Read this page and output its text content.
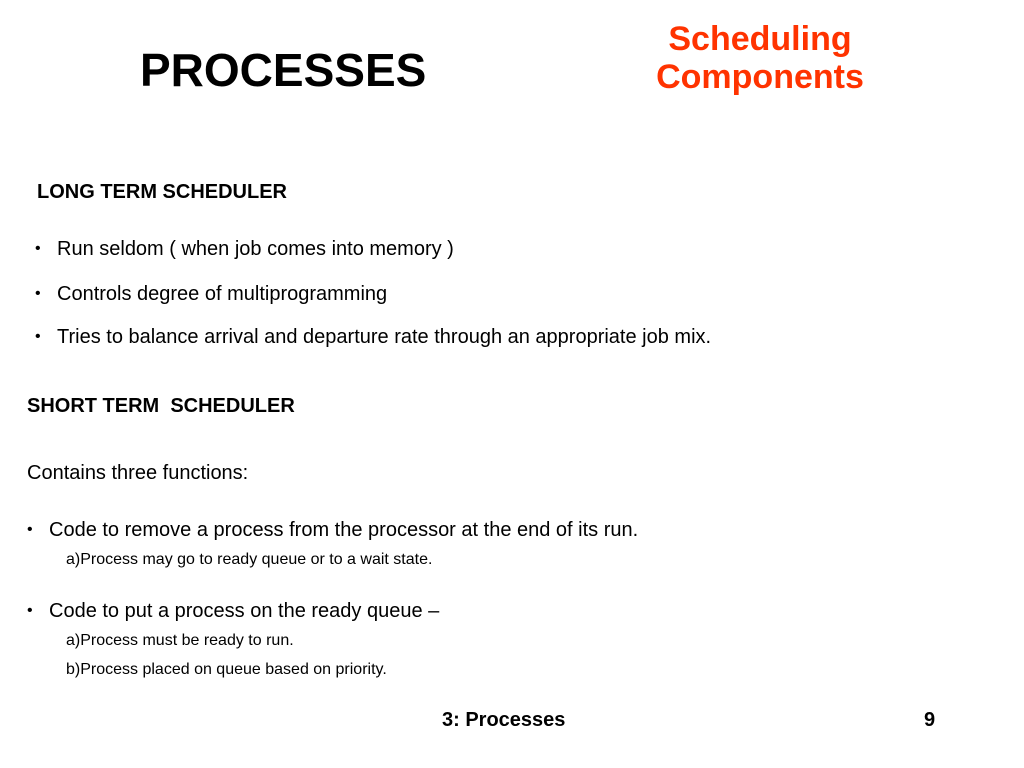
PROCESSES
Scheduling
Components
LONG TERM SCHEDULER
• Run seldom ( when job comes into memory )
• Controls degree of multiprogramming
• Tries to balance arrival and departure rate through an appropriate job mix.
SHORT TERM  SCHEDULER
Contains three functions:
• Code to remove a process from the processor at the end of its run.
a)Process may go to ready queue or to a wait state.
• Code to put a process on the ready queue –
a)Process must be ready to run.
b)Process placed on queue based on priority.
3: Processes	9
